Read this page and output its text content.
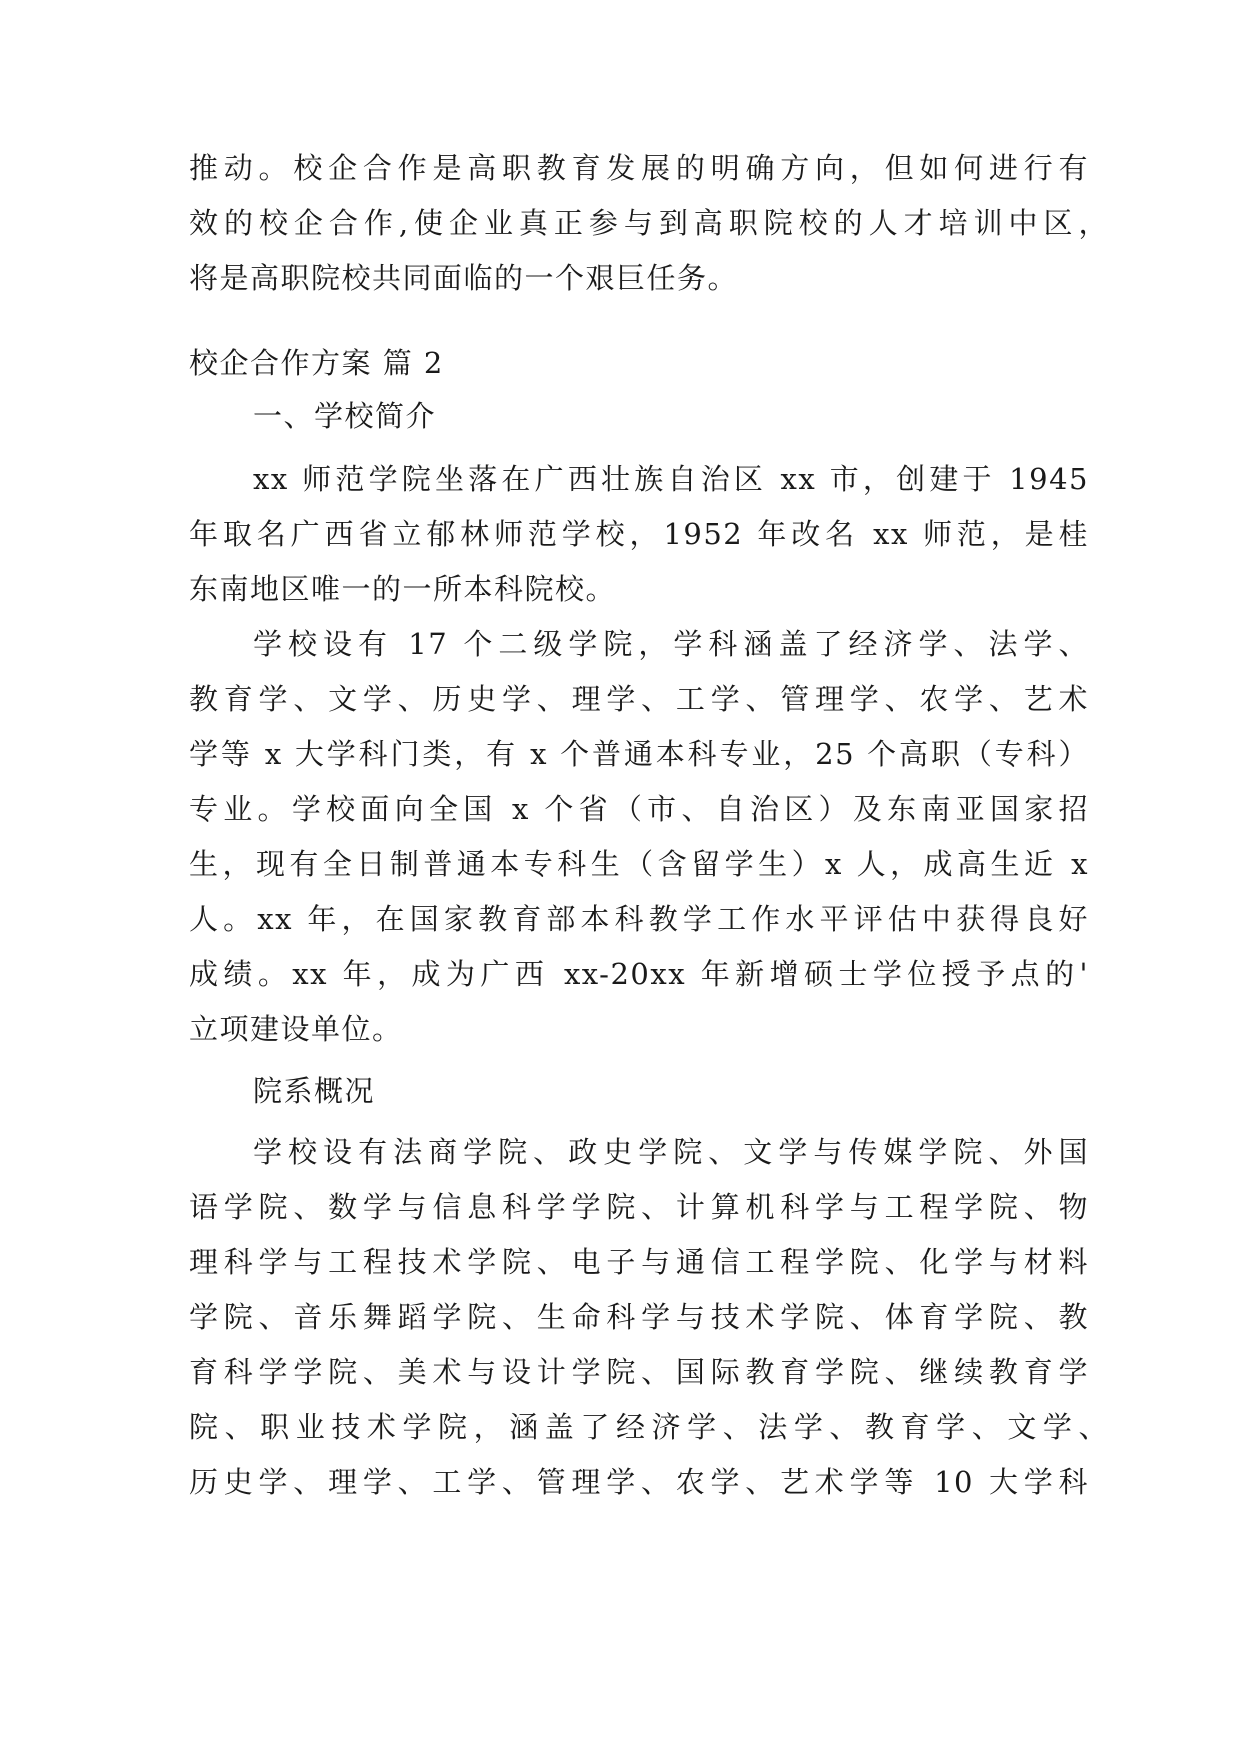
推动。校企合作是高职教育发展的明确方向，但如何进行有
效的校企合作,使企业真正参与到高职院校的人才培训中区，
将是高职院校共同面临的一个艰巨任务。
校企合作方案 篇 2
一、学校简介
xx 师范学院坐落在广西壮族自治区 xx 市，创建于 1945
年取名广西省立郁林师范学校，1952 年改名 xx 师范，是桂
东南地区唯一的一所本科院校。
学校设有 17 个二级学院，学科涵盖了经济学、法学、
教育学、文学、历史学、理学、工学、管理学、农学、艺术
学等 x 大学科门类，有 x 个普通本科专业，25 个高职（专科）
专业。学校面向全国 x 个省（市、自治区）及东南亚国家招
生，现有全日制普通本专科生（含留学生）x 人，成高生近 x
人。xx 年，在国家教育部本科教学工作水平评估中获得良好
成绩。xx 年，成为广西 xx-20xx 年新增硕士学位授予点的'
立项建设单位。
院系概况
学校设有法商学院、政史学院、文学与传媒学院、外国
语学院、数学与信息科学学院、计算机科学与工程学院、物
理科学与工程技术学院、电子与通信工程学院、化学与材料
学院、音乐舞蹈学院、生命科学与技术学院、体育学院、教
育科学学院、美术与设计学院、国际教育学院、继续教育学
院、职业技术学院，涵盖了经济学、法学、教育学、文学、
历史学、理学、工学、管理学、农学、艺术学等 10 大学科
